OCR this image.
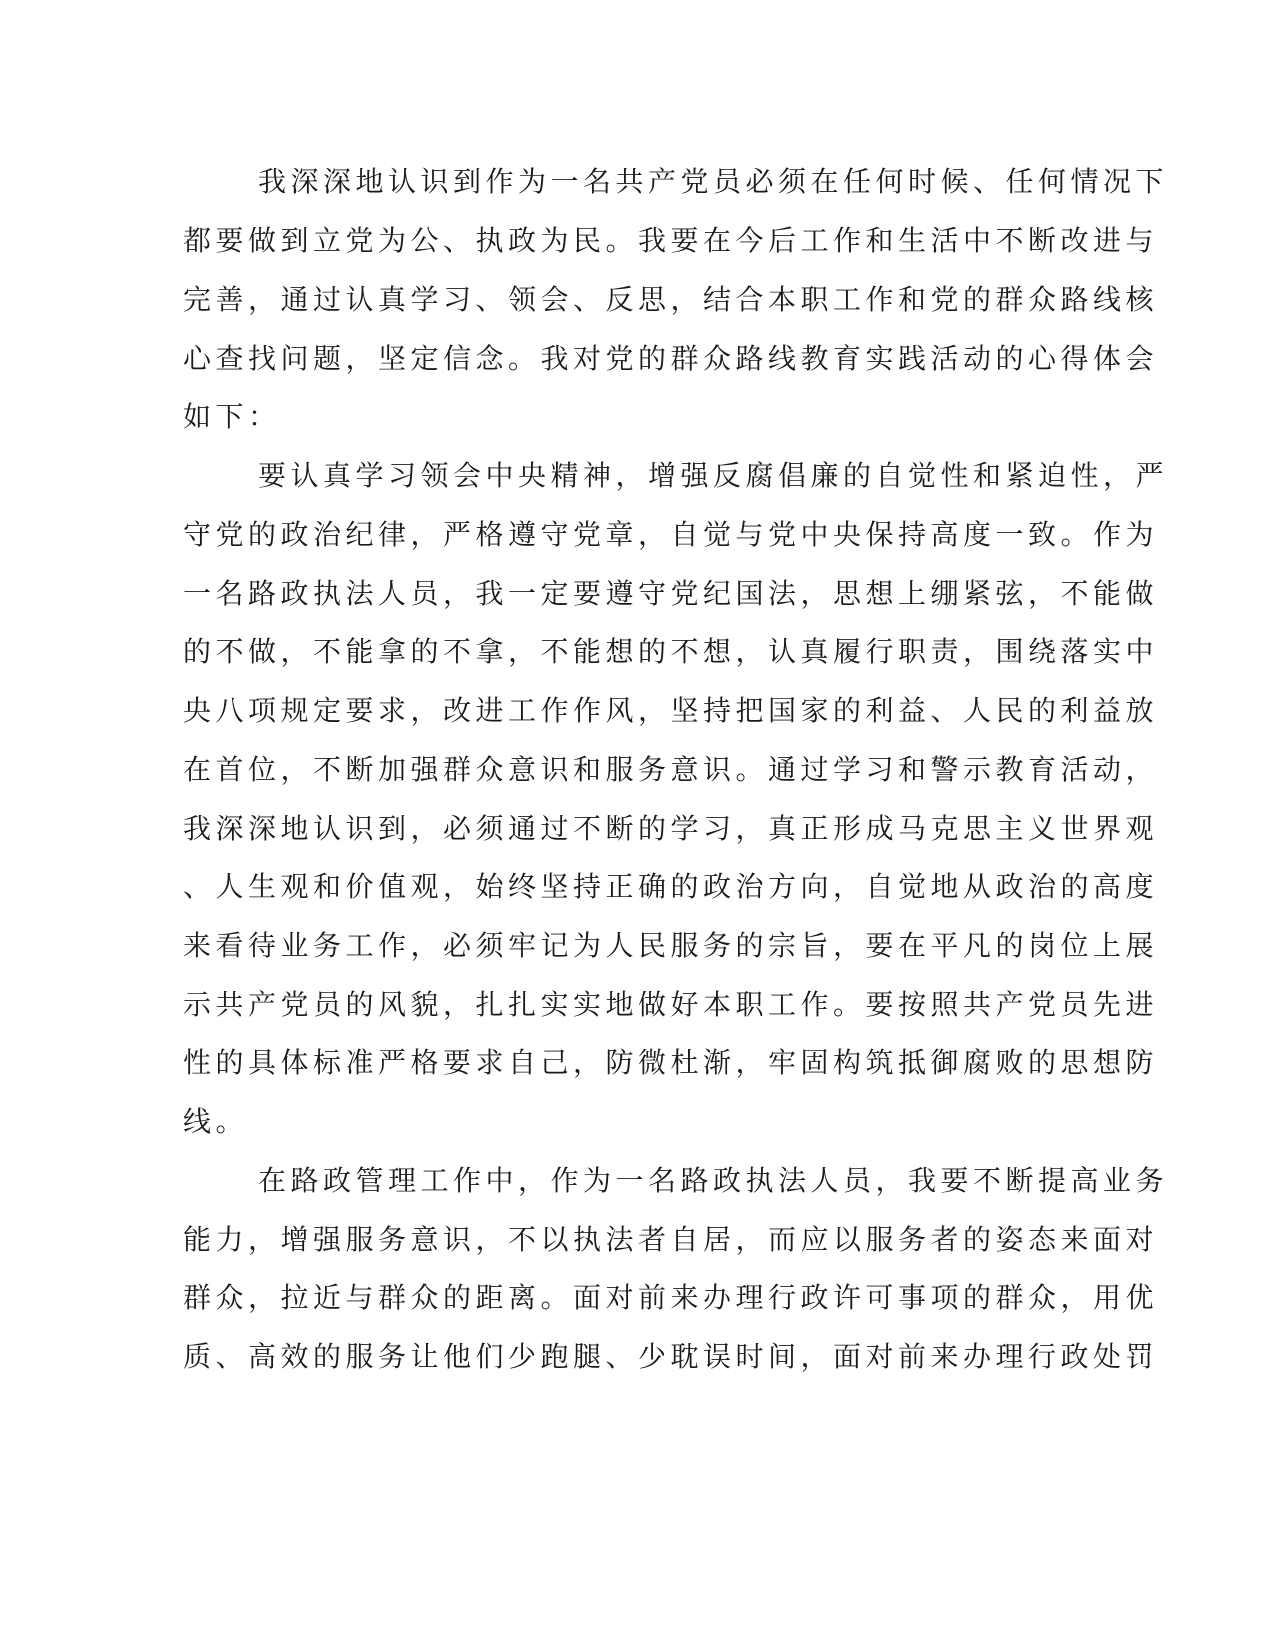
我深深地认识到作为一名共产党员必须在任何时候、任何情况下

都要做到立党为公、执政为民。我要在今后工作和生活中不断改进与

完善，通过认真学习、领会、反思，结合本职工作和党的群众路线核

心查找问题，坚定信念。我对党的群众路线教育实践活动的心得体会

如下：

要认真学习领会中央精神，增强反腐倡廉的自觉性和紧迫性，严

守党的政治纪律，严格遵守党章，自觉与党中央保持高度一致。作为

一名路政执法人员，我一定要遵守党纪国法，思想上绷紧弦，不能做

的不做，不能拿的不拿，不能想的不想，认真履行职责，围绕落实中

央八项规定要求，改进工作作风，坚持把国家的利益、人民的利益放

在首位，不断加强群众意识和服务意识。通过学习和警示教育活动，

我深深地认识到，必须通过不断的学习，真正形成马克思主义世界观

、人生观和价值观，始终坚持正确的政治方向，自觉地从政治的高度

来看待业务工作，必须牢记为人民服务的宗旨，要在平凡的岗位上展

示共产党员的风貌，扎扎实实地做好本职工作。要按照共产党员先进

性的具体标准严格要求自己，防微杜渐，牢固构筑抵御腐败的思想防

线。

在路政管理工作中，作为一名路政执法人员，我要不断提高业务

能力，增强服务意识，不以执法者自居，而应以服务者的姿态来面对

群众，拉近与群众的距离。面对前来办理行政许可事项的群众，用优

质、高效的服务让他们少跑腿、少耽误时间，面对前来办理行政处罚
